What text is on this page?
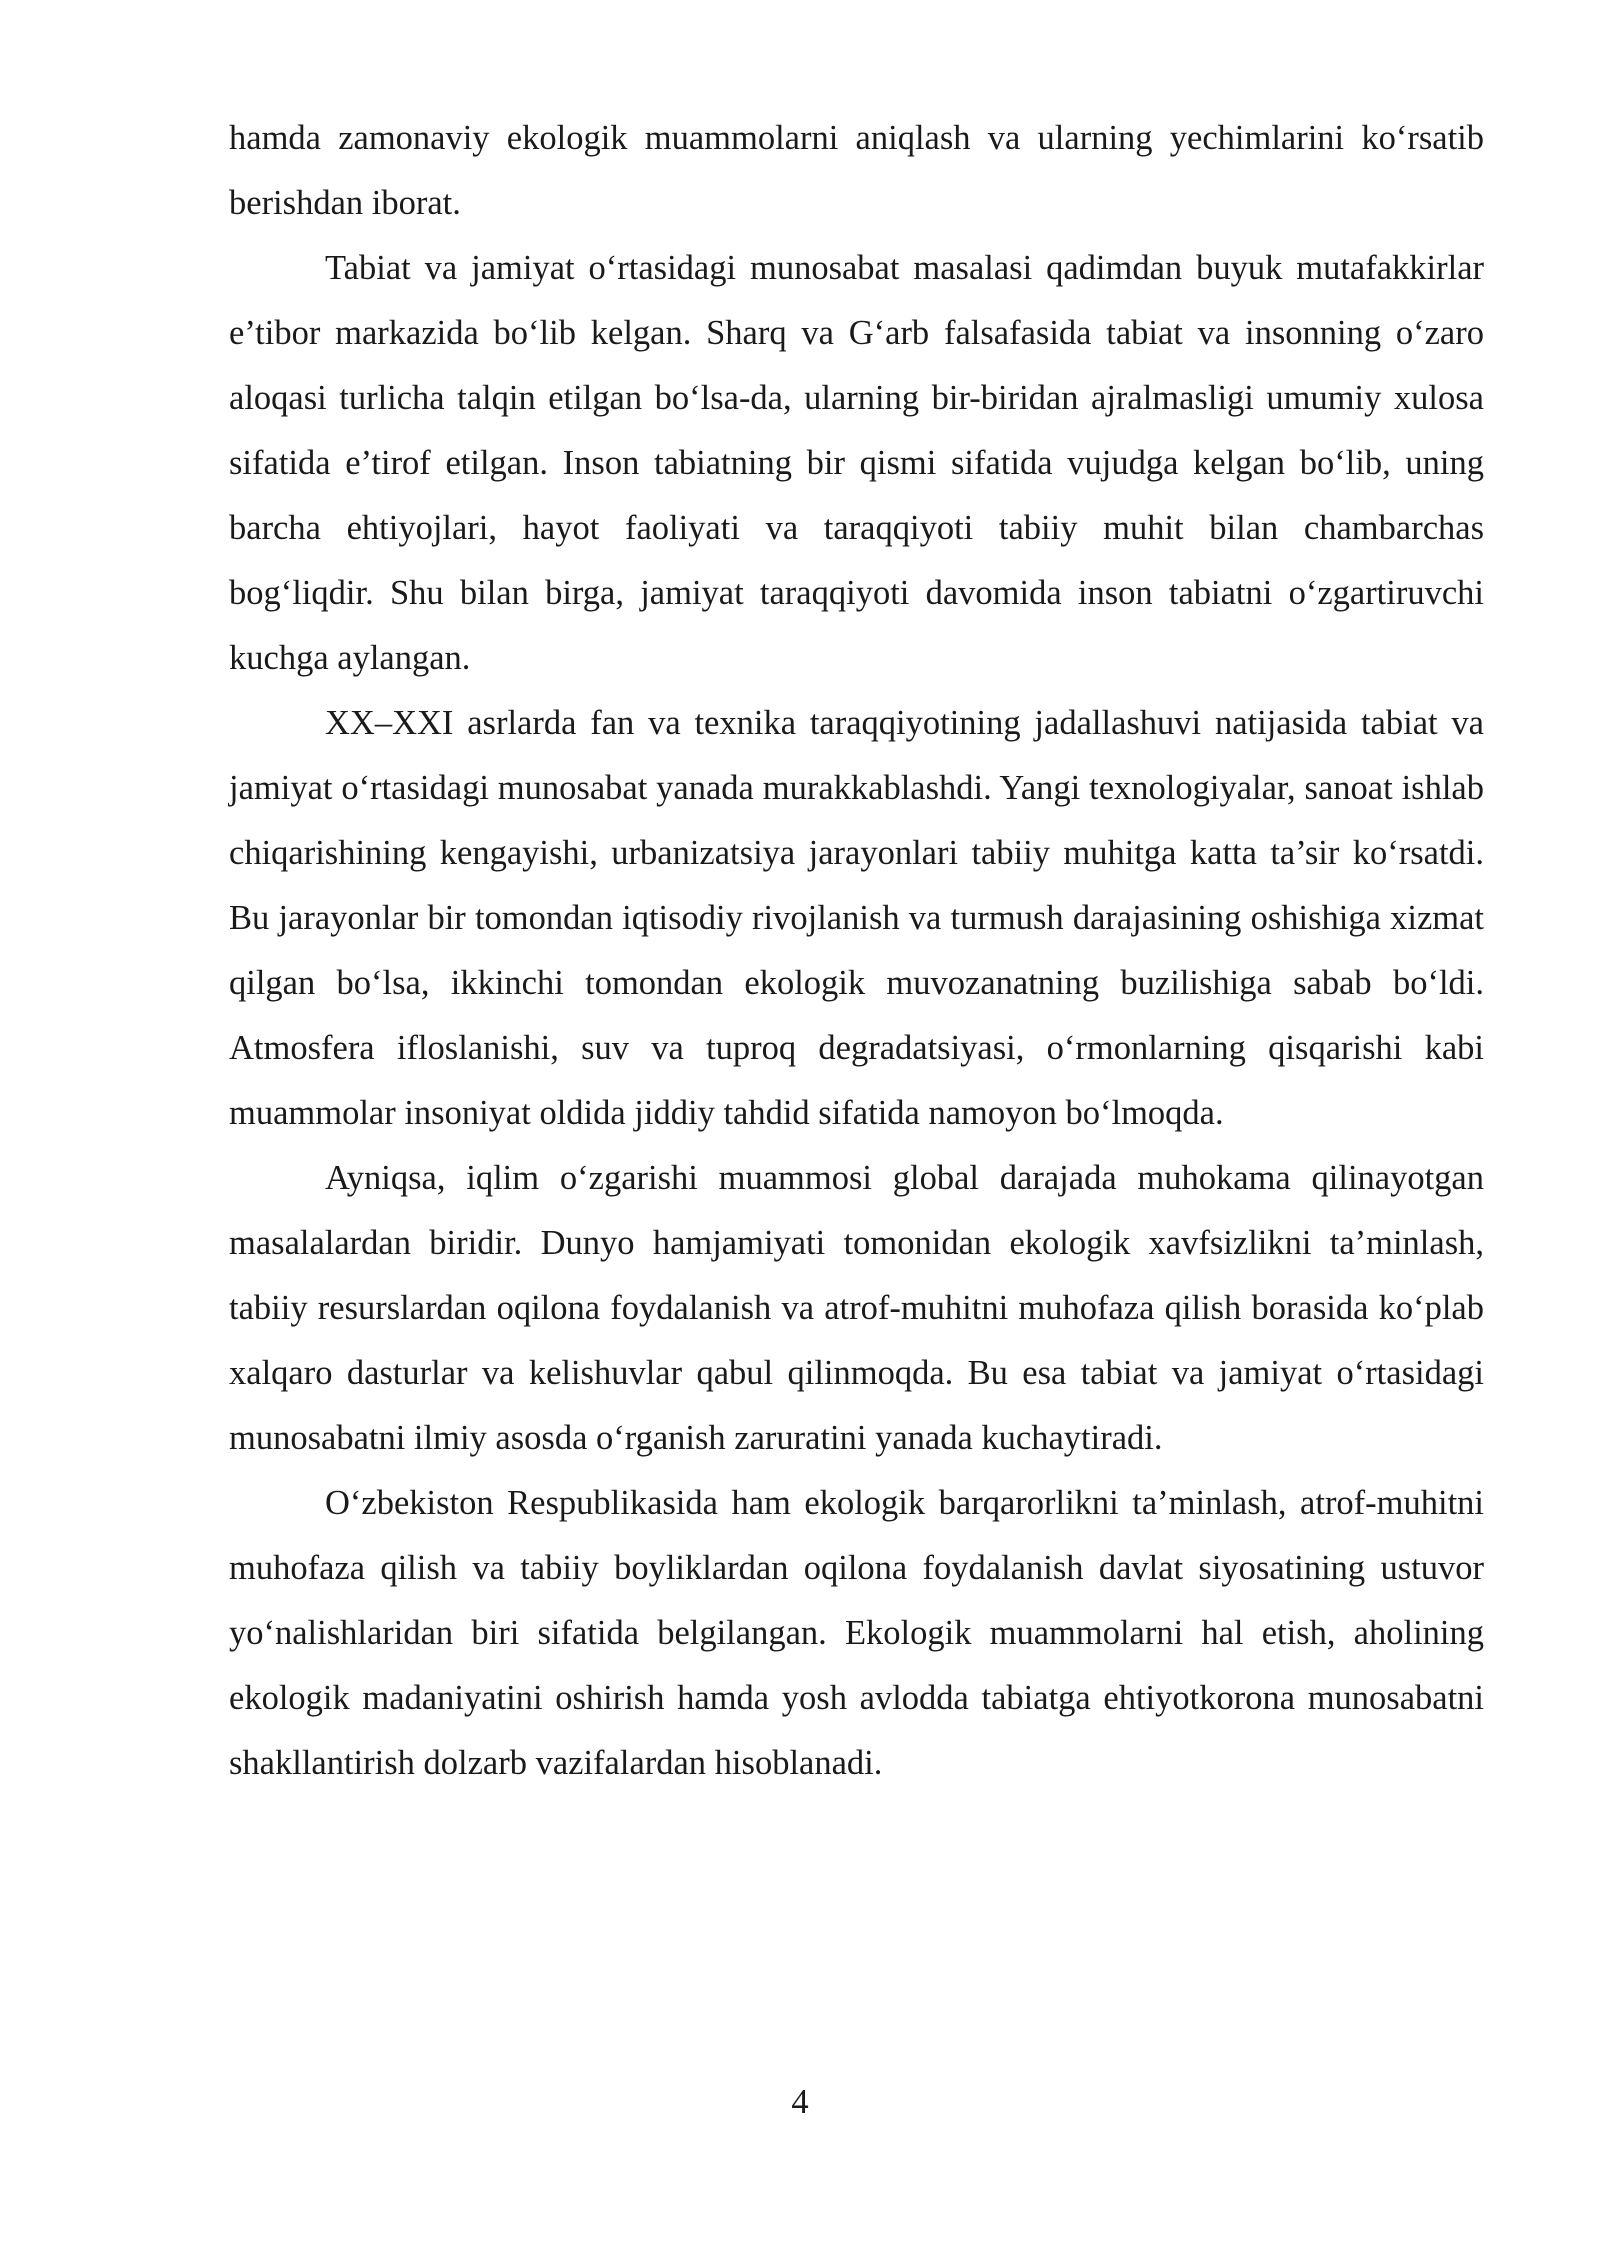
hamda zamonaviy ekologik muammolarni aniqlash va ularning yechimlarini ko‘rsatib berishdan iborat.

Tabiat va jamiyat o‘rtasidagi munosabat masalasi qadimdan buyuk mutafakkirlar e’tibor markazida bo‘lib kelgan. Sharq va G‘arb falsafasida tabiat va insonning o‘zaro aloqasi turlicha talqin etilgan bo‘lsa-da, ularning bir-biridan ajralmasligi umumiy xulosa sifatida e’tirof etilgan. Inson tabiatning bir qismi sifatida vujudga kelgan bo‘lib, uning barcha ehtiyojlari, hayot faoliyati va taraqqiyoti tabiiy muhit bilan chambarchas bog‘liqdir. Shu bilan birga, jamiyat taraqqiyoti davomida inson tabiatni o‘zgartiruvchi kuchga aylangan.

XX–XXI asrlarda fan va texnika taraqqiyotining jadallashuvi natijasida tabiat va jamiyat o‘rtasidagi munosabat yanada murakkablashdi. Yangi texnologiyalar, sanoat ishlab chiqarishining kengayishi, urbanizatsiya jarayonlari tabiiy muhitga katta ta’sir ko‘rsatdi. Bu jarayonlar bir tomondan iqtisodiy rivojlanish va turmush darajasining oshishiga xizmat qilgan bo‘lsa, ikkinchi tomondan ekologik muvozanatning buzilishiga sabab bo‘ldi. Atmosfera ifloslanishi, suv va tuproq degradatsiyasi, o‘rmonlarning qisqarishi kabi muammolar insoniyat oldida jiddiy tahdid sifatida namoyon bo‘lmoqda.

Ayniqsa, iqlim o‘zgarishi muammosi global darajada muhokama qilinayotgan masalalardan biridir. Dunyo hamjamiyati tomonidan ekologik xavfsizlikni ta’minlash, tabiiy resurslardan oqilona foydalanish va atrof-muhitni muhofaza qilish borasida ko‘plab xalqaro dasturlar va kelishuvlar qabul qilinmoqda. Bu esa tabiat va jamiyat o‘rtasidagi munosabatni ilmiy asosda o‘rganish zaruratini yanada kuchaytiradi.

O‘zbekiston Respublikasida ham ekologik barqarorlikni ta’minlash, atrof-muhitni muhofaza qilish va tabiiy boyliklardan oqilona foydalanish davlat siyosatining ustuvor yo‘nalishlaridan biri sifatida belgilangan. Ekologik muammolarni hal etish, aholining ekologik madaniyatini oshirish hamda yosh avlodda tabiatga ehtiyotkorona munosabatni shakllantirish dolzarb vazifalardan hisoblanadi.

4
